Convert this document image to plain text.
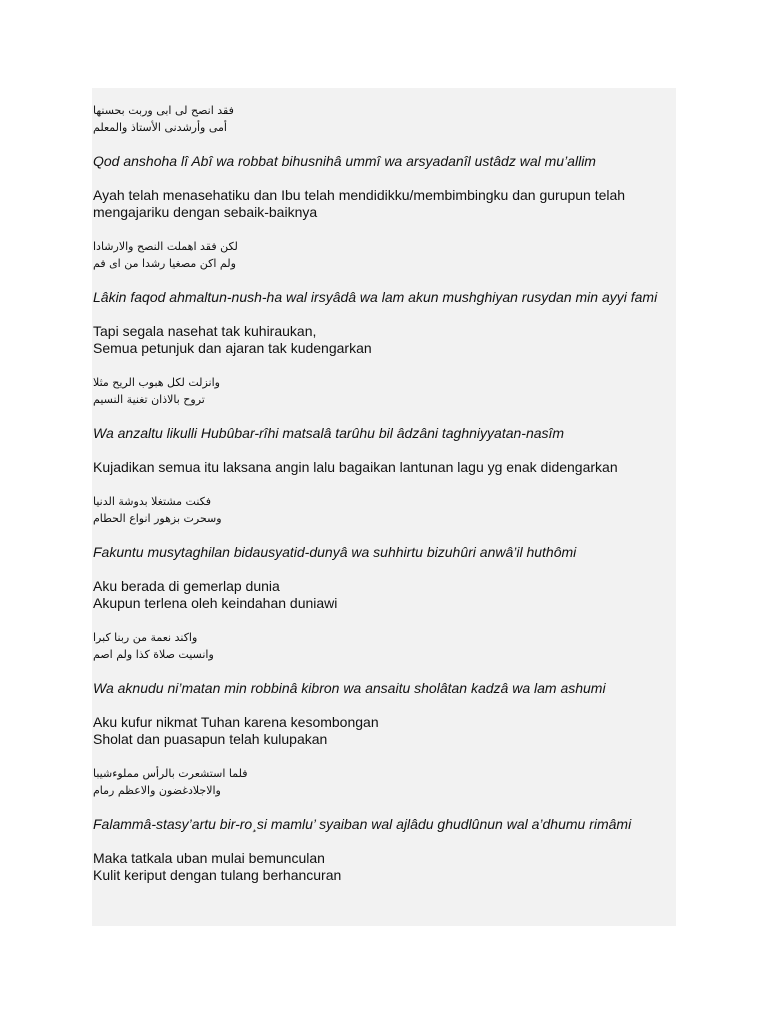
فقد انصح لى ابى وربت بحسنها
أمى وأرشدنى الأستاذ والمعلم
Qod anshoha lî Abî wa robbat bihusnihâ ummî wa arsyadanîl ustâdz wal mu’allim
Ayah telah menasehatiku dan Ibu telah mendidikku/membimbingku dan gurupun telah mengajariku dengan sebaik-baiknya
لكن فقد اهملت النصح والارشادا
ولم اكن مصغيا رشدا من اى فم
Lâkin faqod ahmaltun-nush-ha wal irsyâdâ wa lam akun mushghiyan rusydan min ayyi fami
Tapi segala nasehat tak kuhiraukan,
Semua petunjuk dan ajaran tak kudengarkan
وانزلت لكل هبوب الريح مثلا
تروح بالاذان تغنية النسيم
Wa anzaltu likulli Hubûbar-rîhi matsalâ tarûhu bil âdzâni taghniyyatan-nasîm
Kujadikan semua itu laksana angin lalu bagaikan lantunan lagu yg enak didengarkan
فكنت مشتغلا بدوشة الدنيا
وسحرت بزهور انواع الحطام
Fakuntu musytaghilan bidausyatid-dunyâ wa suhhirtu bizuhûri anwâ’il huthômi
Aku berada di gemerlap dunia
Akupun terlena oleh keindahan duniawi
واكند نعمة من ربنا كبرا
وانسيت صلاة كذا ولم اصم
Wa aknudu ni’matan min robbinâ kibron wa ansaitu sholâtan kadzâ wa lam ashumi
Aku kufur nikmat Tuhan karena kesombongan
Sholat dan puasapun telah kulupakan
فلما استشعرت بالرأس مملوءشيبا
والاجلادغضون والاعظم رمام
Falammâ-stasy’artu bir-ro¸si mamlu’ syaiban wal ajlâdu ghudlûnun wal a’dhumu rimâmi
Maka tatkala uban mulai bemunculan
Kulit keriput dengan tulang berhancuran
